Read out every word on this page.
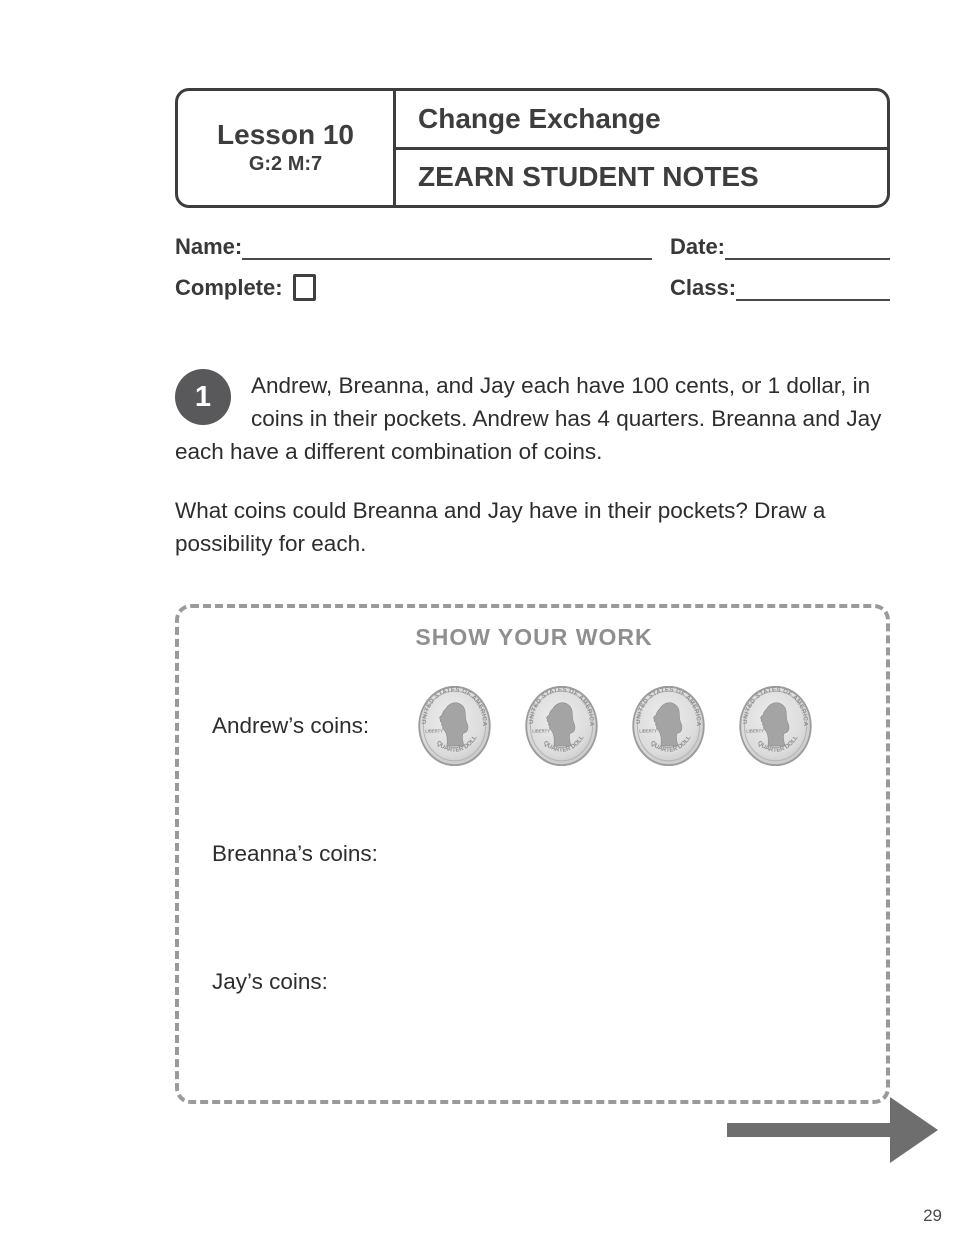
Lesson 10
G:2 M:7
Change Exchange
ZEARN STUDENT NOTES
Name:	Date:
Complete:	Class:
1	Andrew, Breanna, and Jay each have 100 cents, or 1 dollar, in coins in their pockets. Andrew has 4 quarters. Breanna and Jay each have a different combination of coins.

What coins could Breanna and Jay have in their pockets? Draw a possibility for each.

SHOW YOUR WORK
Andrew’s coins:
Breanna’s coins:
Jay’s coins:
29
